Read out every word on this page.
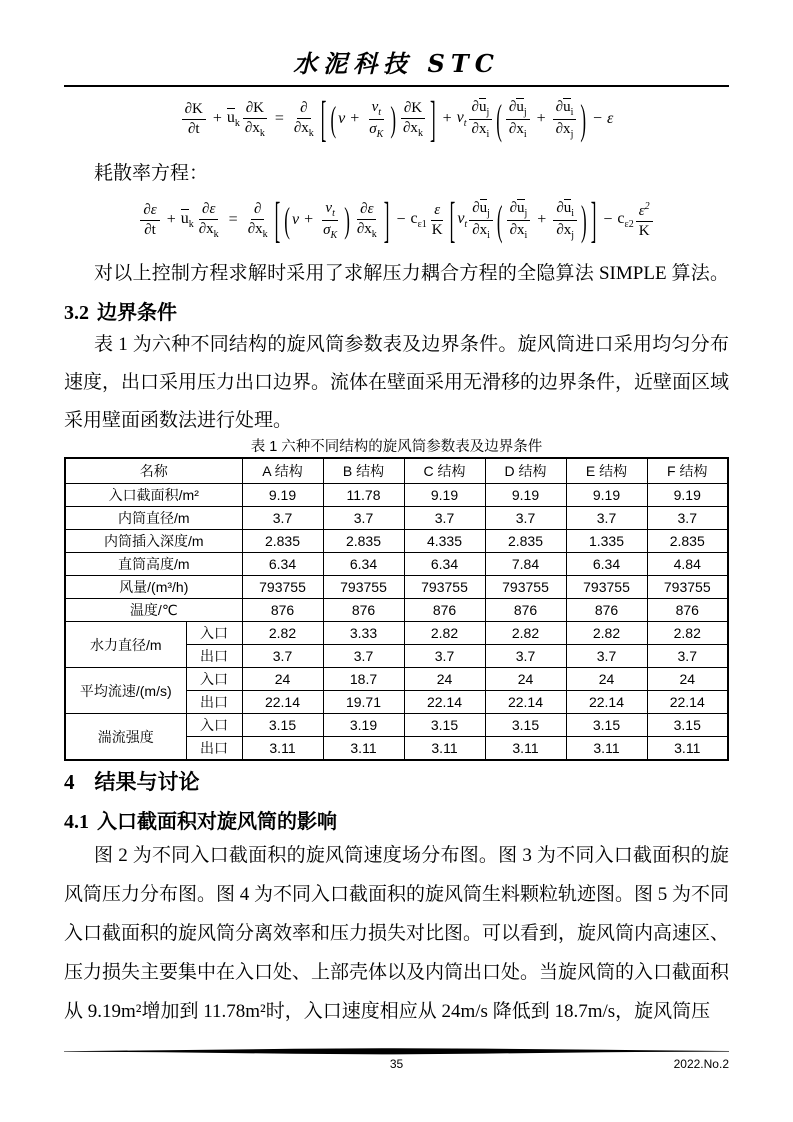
水泥科技 STC
$\frac{\partial K}{\partial t} + u_k \frac{\partial K}{\partial x_k} = \frac{\partial}{\partial x_k}$ [ ( $\nu + \frac{\nu_t}{\sigma_K}$ ) $\frac{\partial K}{\partial x_k}$ ] + $\nu_t \frac{\partial u_j}{\partial x_i}$ ( $\frac{\partial u_j}{\partial x_i} + \frac{\partial u_i}{\partial x_j}$ ) − ε
耗散率方程：
$\frac{\partial \varepsilon}{\partial t} + u_k \frac{\partial \varepsilon}{\partial x_k} = \frac{\partial}{\partial x_k}$ [ ( $\nu + \frac{\nu_t}{\sigma_K}$ ) $\frac{\partial \varepsilon}{\partial x_k}$ ] − $c_{\varepsilon 1} \frac{\varepsilon}{K}$ [ $\nu_t \frac{\partial u_j}{\partial x_i}$ ( $\frac{\partial u_j}{\partial x_i} + \frac{\partial u_i}{\partial x_j}$ ) ] − $c_{\varepsilon 2} \frac{\varepsilon^2}{K}$

对以上控制方程求解时采用了求解压力耦合方程的全隐算法 SIMPLE 算法。

3.2 边界条件

表 1 为六种不同结构的旋风筒参数表及边界条件。旋风筒进口采用均匀分布速度，出口采用压力出口边界。流体在壁面采用无滑移的边界条件，近壁面区域采用壁面函数法进行处理。

表 1 六种不同结构的旋风筒参数表及边界条件
名称		A 结构	B 结构	C 结构	D 结构	E 结构	F 结构
入口截面积/m²		9.19	11.78	9.19	9.19	9.19	9.19
内筒直径/m		3.7	3.7	3.7	3.7	3.7	3.7
内筒插入深度/m		2.835	2.835	4.335	2.835	1.335	2.835
直筒高度/m		6.34	6.34	6.34	7.84	6.34	4.84
风量/(m³/h)		793755	793755	793755	793755	793755	793755
温度/℃		876	876	876	876	876	876
水力直径/m	入口	2.82	3.33	2.82	2.82	2.82	2.82
	出口	3.7	3.7	3.7	3.7	3.7	3.7
平均流速/(m/s)	入口	24	18.7	24	24	24	24
	出口	22.14	19.71	22.14	22.14	22.14	22.14
湍流强度	入口	3.15	3.19	3.15	3.15	3.15	3.15
	出口	3.11	3.11	3.11	3.11	3.11	3.11
4 结果与讨论
4.1 入口截面积对旋风筒的影响

图 2 为不同入口截面积的旋风筒速度场分布图。图 3 为不同入口截面积的旋风筒压力分布图。图 4 为不同入口截面积的旋风筒生料颗粒轨迹图。图 5 为不同入口截面积的旋风筒分离效率和压力损失对比图。可以看到，旋风筒内高速区、压力损失主要集中在入口处、上部壳体以及内筒出口处。当旋风筒的入口截面积从 9.19m²增加到 11.78m²时，入口速度相应从 24m/s 降低到 18.7m/s，旋风筒压

35	2022.No.2
